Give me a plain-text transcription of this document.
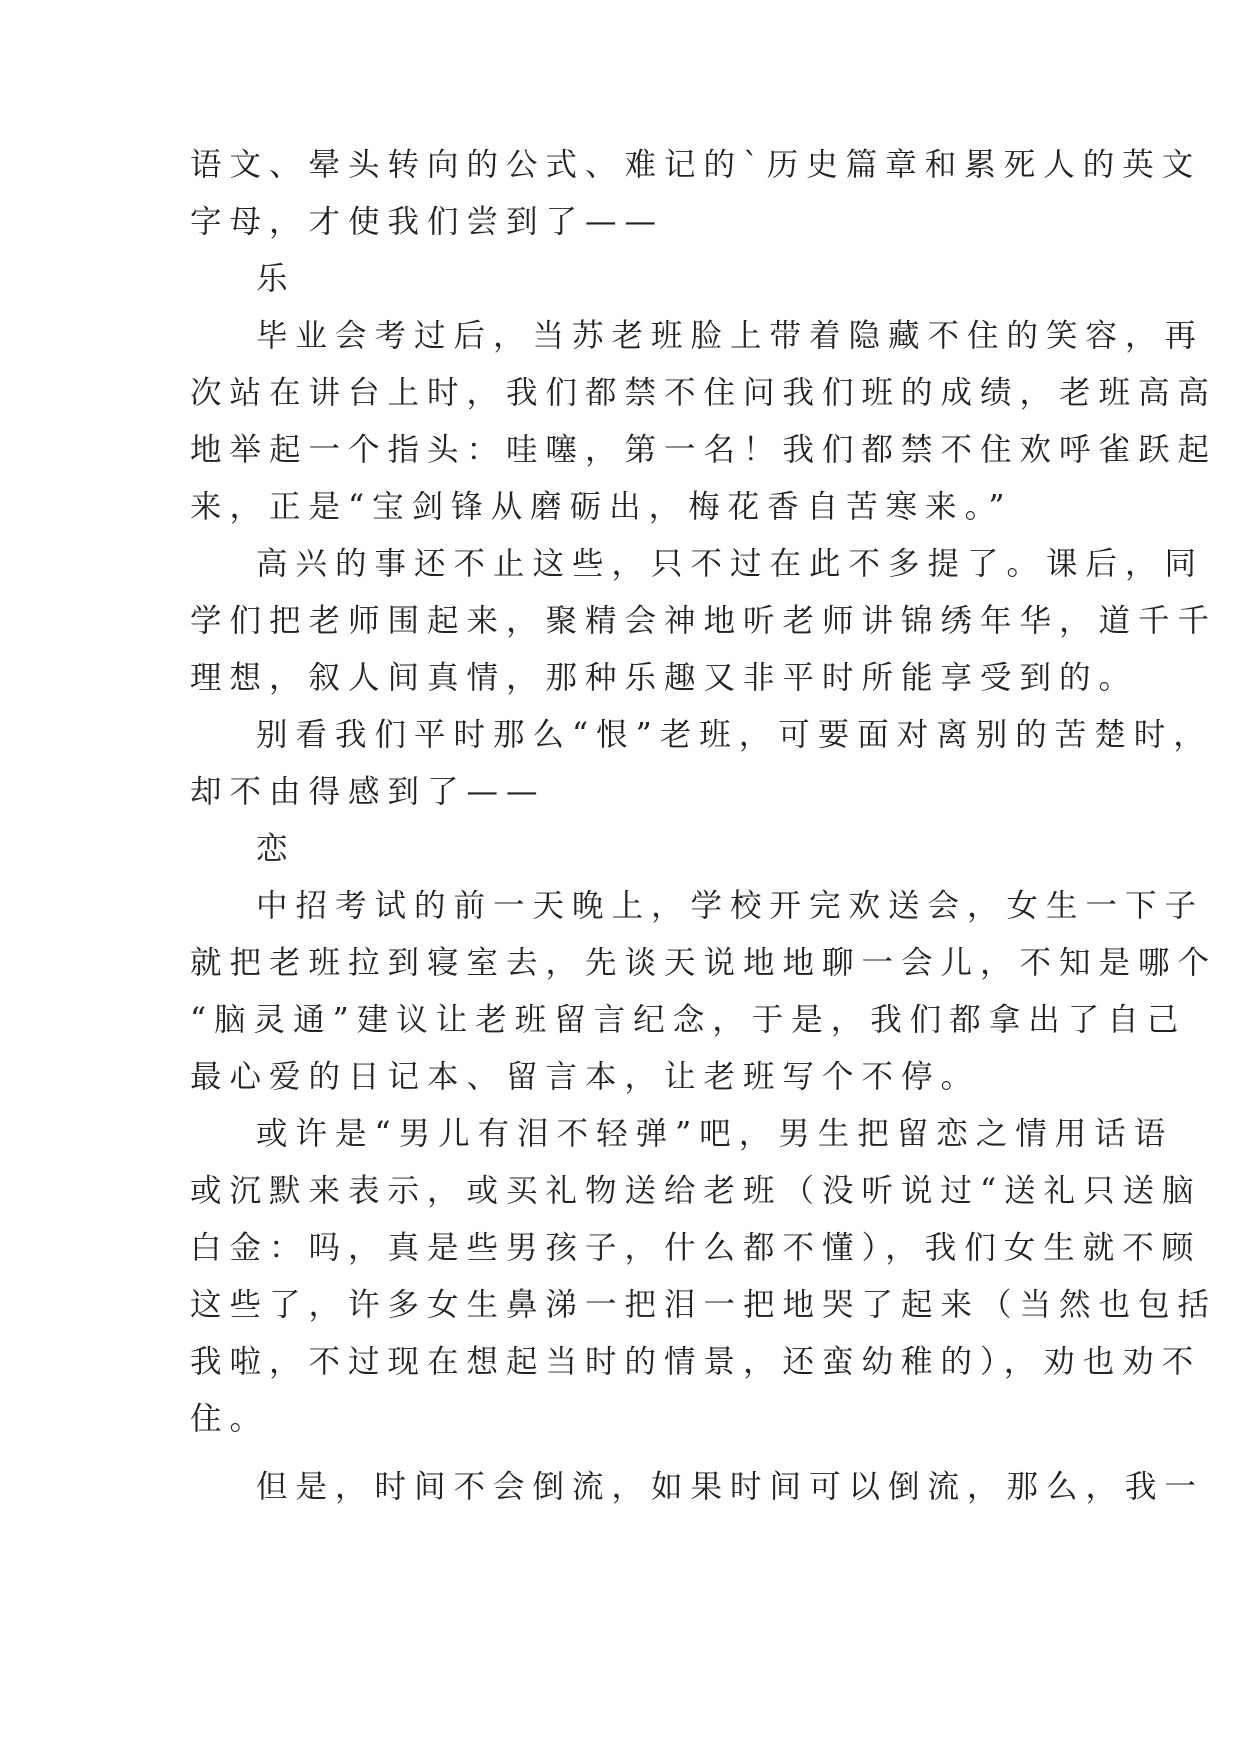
语文、晕头转向的公式、难记的`历史篇章和累死人的英文
字母，才使我们尝到了——
乐
毕业会考过后，当苏老班脸上带着隐藏不住的笑容，再
次站在讲台上时，我们都禁不住问我们班的成绩，老班高高
地举起一个指头：哇噻，第一名！我们都禁不住欢呼雀跃起
来，正是“宝剑锋从磨砺出，梅花香自苦寒来。”
高兴的事还不止这些，只不过在此不多提了。课后，同
学们把老师围起来，聚精会神地听老师讲锦绣年华，道千千
理想，叙人间真情，那种乐趣又非平时所能享受到的。
别看我们平时那么“恨”老班，可要面对离别的苦楚时，
却不由得感到了——
恋
中招考试的前一天晚上，学校开完欢送会，女生一下子
就把老班拉到寝室去，先谈天说地地聊一会儿，不知是哪个
“脑灵通”建议让老班留言纪念，于是，我们都拿出了自己
最心爱的日记本、留言本，让老班写个不停。
或许是“男儿有泪不轻弹”吧，男生把留恋之情用话语
或沉默来表示，或买礼物送给老班（没听说过“送礼只送脑
白金：吗，真是些男孩子，什么都不懂），我们女生就不顾
这些了，许多女生鼻涕一把泪一把地哭了起来（当然也包括
我啦，不过现在想起当时的情景，还蛮幼稚的），劝也劝不
住。
但是，时间不会倒流，如果时间可以倒流，那么，我一
